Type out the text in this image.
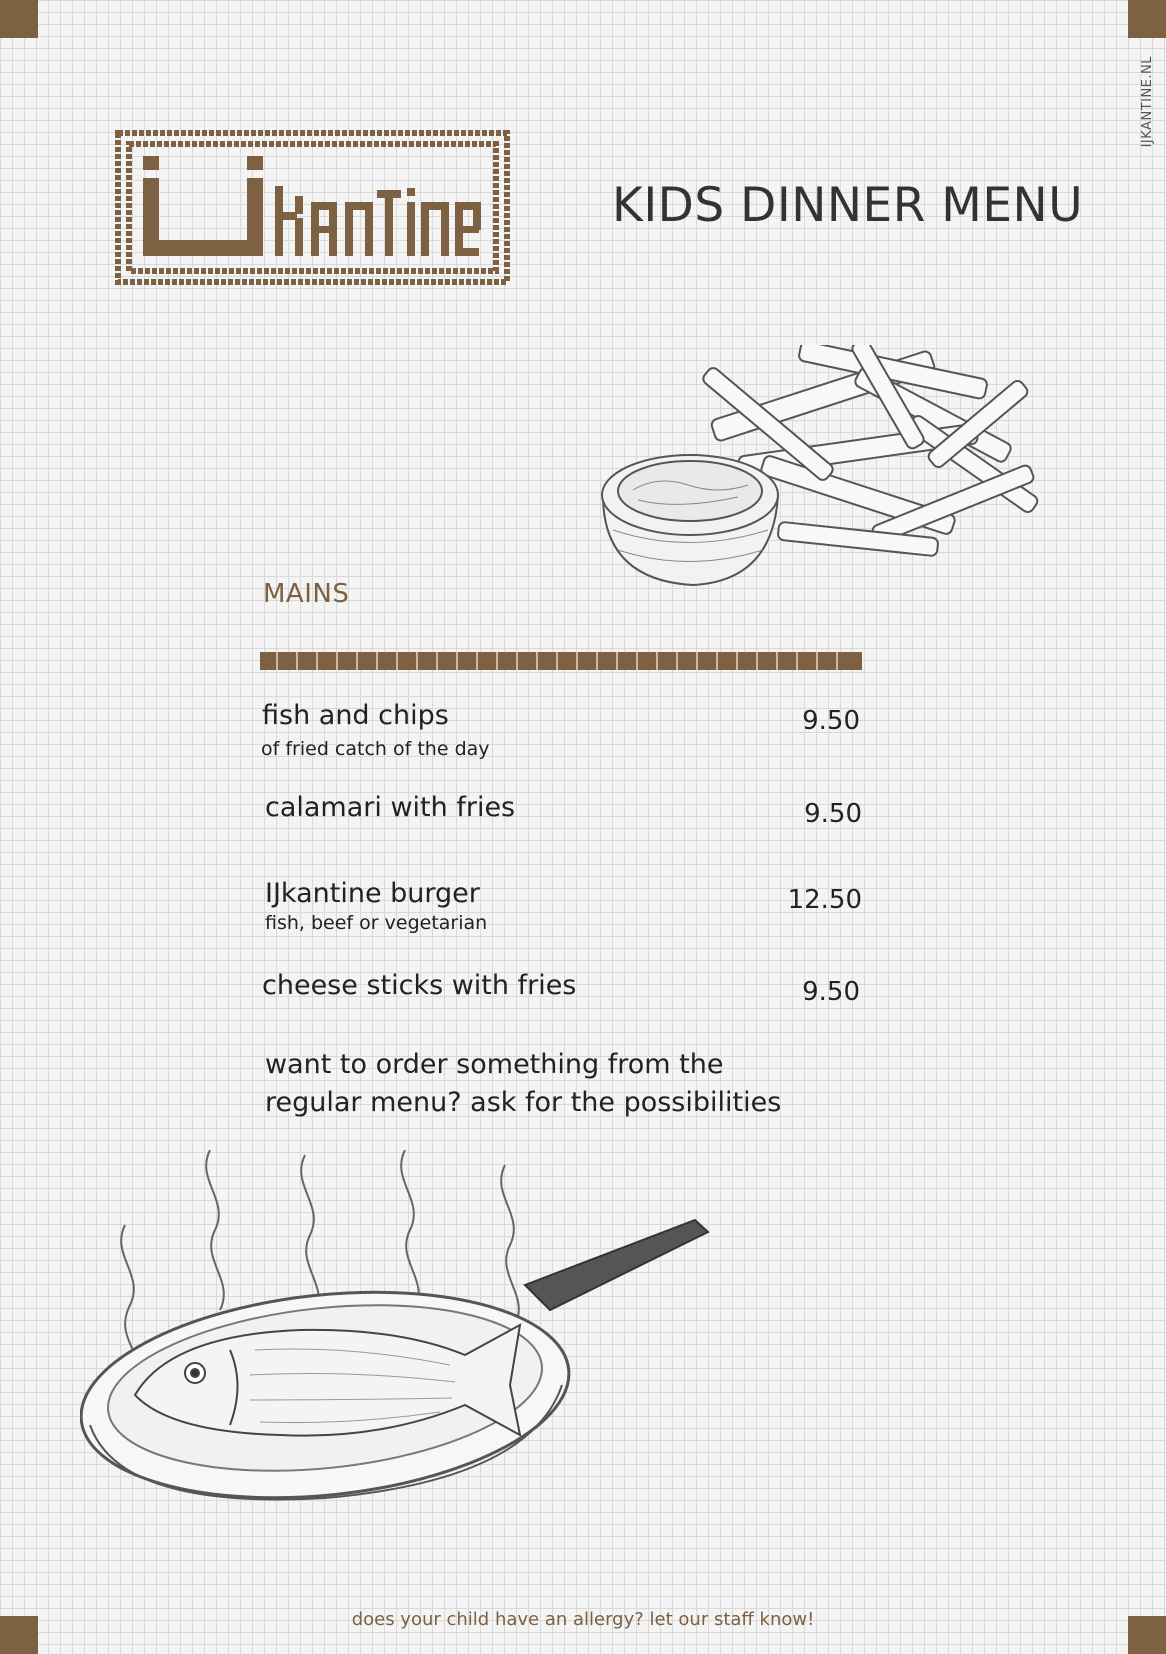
IJKANTINE.NL
KIDS DINNER MENU
MAINS
fish and chips
of fried catch of the day
9.50
calamari with fries	9.50
IJkantine burger
fish, beef or vegetarian
12.50
cheese sticks with fries	9.50
want to order something from the
regular menu? ask for the possibilities
does your child have an allergy? let our staff know!
